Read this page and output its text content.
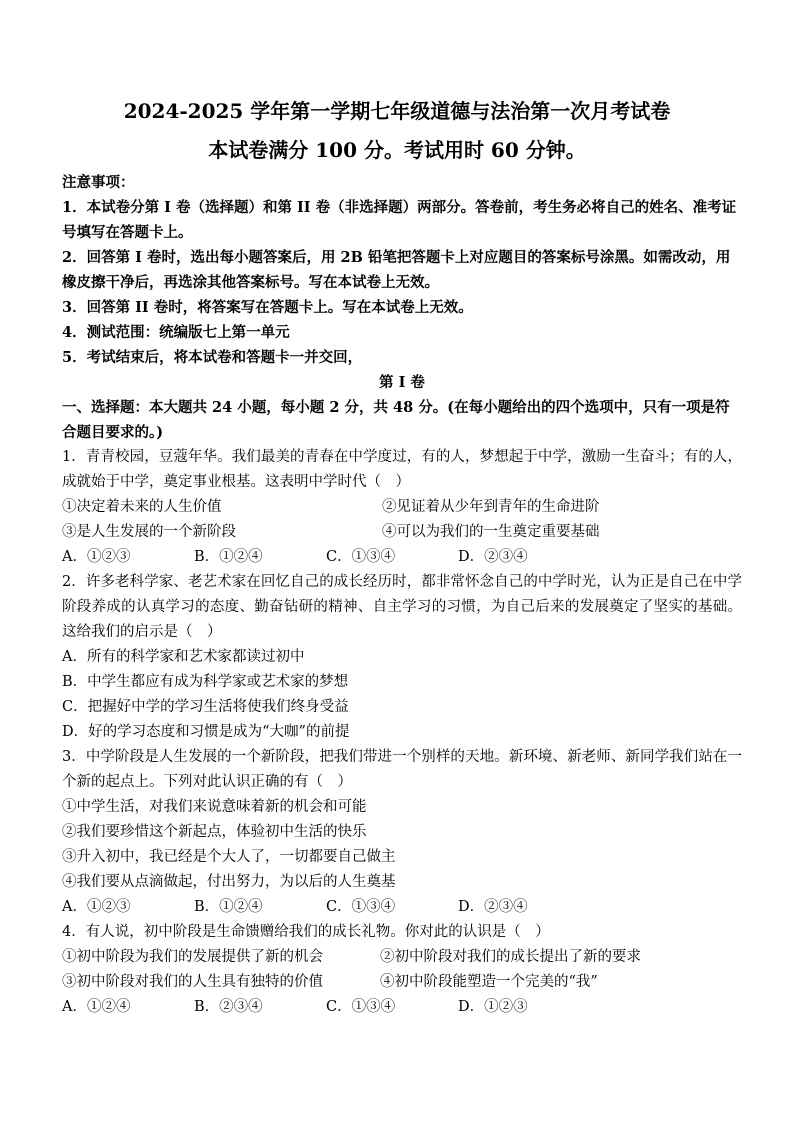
2024-2025 学年第一学期七年级道德与法治第一次月考试卷
本试卷满分 100 分。考试用时 60 分钟。
注意事项：
1．本试卷分第 I 卷（选择题）和第 II 卷（非选择题）两部分。答卷前，考生务必将自己的姓名、准考证号填写在答题卡上。
2．回答第 I 卷时，选出每小题答案后，用 2B 铅笔把答题卡上对应题目的答案标号涂黑。如需改动，用橡皮擦干净后，再选涂其他答案标号。写在本试卷上无效。
3．回答第 II 卷时，将答案写在答题卡上。写在本试卷上无效。
4．测试范围：统编版七上第一单元
5．考试结束后，将本试卷和答题卡一并交回，
第 I 卷
一、选择题：本大题共 24 小题，每小题 2 分，共 48 分。(在每小题给出的四个选项中，只有一项是符合题目要求的。)
1．青青校园，豆蔻年华。我们最美的青春在中学度过，有的人，梦想起于中学，激励一生奋斗；有的人，成就始于中学，奠定事业根基。这表明中学时代（　）
①决定着未来的人生价值	②见证着从少年到青年的生命进阶
③是人生发展的一个新阶段	④可以为我们的一生奠定重要基础
A．①②③	B．①②④	C．①③④	D．②③④
2．许多老科学家、老艺术家在回忆自己的成长经历时，都非常怀念自己的中学时光，认为正是自己在中学阶段养成的认真学习的态度、勤奋钻研的精神、自主学习的习惯，为自己后来的发展奠定了坚实的基础。这给我们的启示是（　）
A．所有的科学家和艺术家都读过初中
B．中学生都应有成为科学家或艺术家的梦想
C．把握好中学的学习生活将使我们终身受益
D．好的学习态度和习惯是成为“大咖”的前提
3．中学阶段是人生发展的一个新阶段，把我们带进一个别样的天地。新环境、新老师、新同学我们站在一个新的起点上。下列对此认识正确的有（　）
①中学生活，对我们来说意味着新的机会和可能
②我们要珍惜这个新起点，体验初中生活的快乐
③升入初中，我已经是个大人了，一切都要自己做主
④我们要从点滴做起，付出努力，为以后的人生奠基
A．①②③	B．①②④	C．①③④	D．②③④
4．有人说，初中阶段是生命馈赠给我们的成长礼物。你对此的认识是（　）
①初中阶段为我们的发展提供了新的机会	②初中阶段对我们的成长提出了新的要求
③初中阶段对我们的人生具有独特的价值	④初中阶段能塑造一个完美的“我”
A．①②④	B．②③④	C．①③④	D．①②③
